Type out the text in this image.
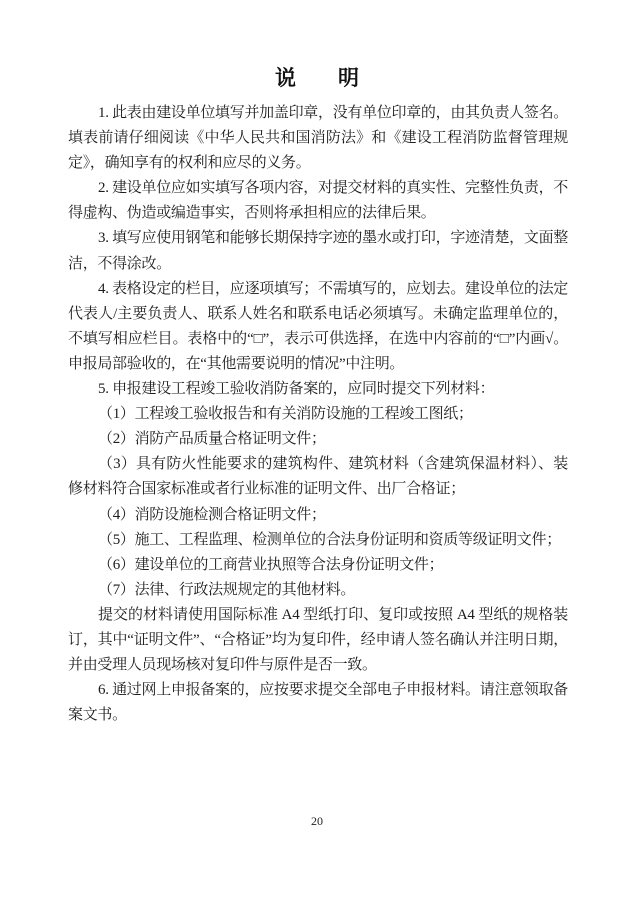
说　　明

1. 此表由建设单位填写并加盖印章，没有单位印章的，由其负责人签名。填表前请仔细阅读《中华人民共和国消防法》和《建设工程消防监督管理规定》，确知享有的权利和应尽的义务。

2. 建设单位应如实填写各项内容，对提交材料的真实性、完整性负责，不得虚构、伪造或编造事实，否则将承担相应的法律后果。

3. 填写应使用钢笔和能够长期保持字迹的墨水或打印，字迹清楚，文面整洁，不得涂改。

4. 表格设定的栏目，应逐项填写；不需填写的，应划去。建设单位的法定代表人/主要负责人、联系人姓名和联系电话必须填写。未确定监理单位的，不填写相应栏目。表格中的“□”，表示可供选择，在选中内容前的“□”内画√。申报局部验收的，在“其他需要说明的情况”中注明。

5. 申报建设工程竣工验收消防备案的，应同时提交下列材料：

（1）工程竣工验收报告和有关消防设施的工程竣工图纸；

（2）消防产品质量合格证明文件；

（3）具有防火性能要求的建筑构件、建筑材料（含建筑保温材料）、装修材料符合国家标准或者行业标准的证明文件、出厂合格证；

（4）消防设施检测合格证明文件；

（5）施工、工程监理、检测单位的合法身份证明和资质等级证明文件；

（6）建设单位的工商营业执照等合法身份证明文件；

（7）法律、行政法规规定的其他材料。

提交的材料请使用国际标准 A4 型纸打印、复印或按照 A4 型纸的规格装订，其中“证明文件”、“合格证”均为复印件，经申请人签名确认并注明日期，并由受理人员现场核对复印件与原件是否一致。

6. 通过网上申报备案的，应按要求提交全部电子申报材料。请注意领取备案文书。

20
